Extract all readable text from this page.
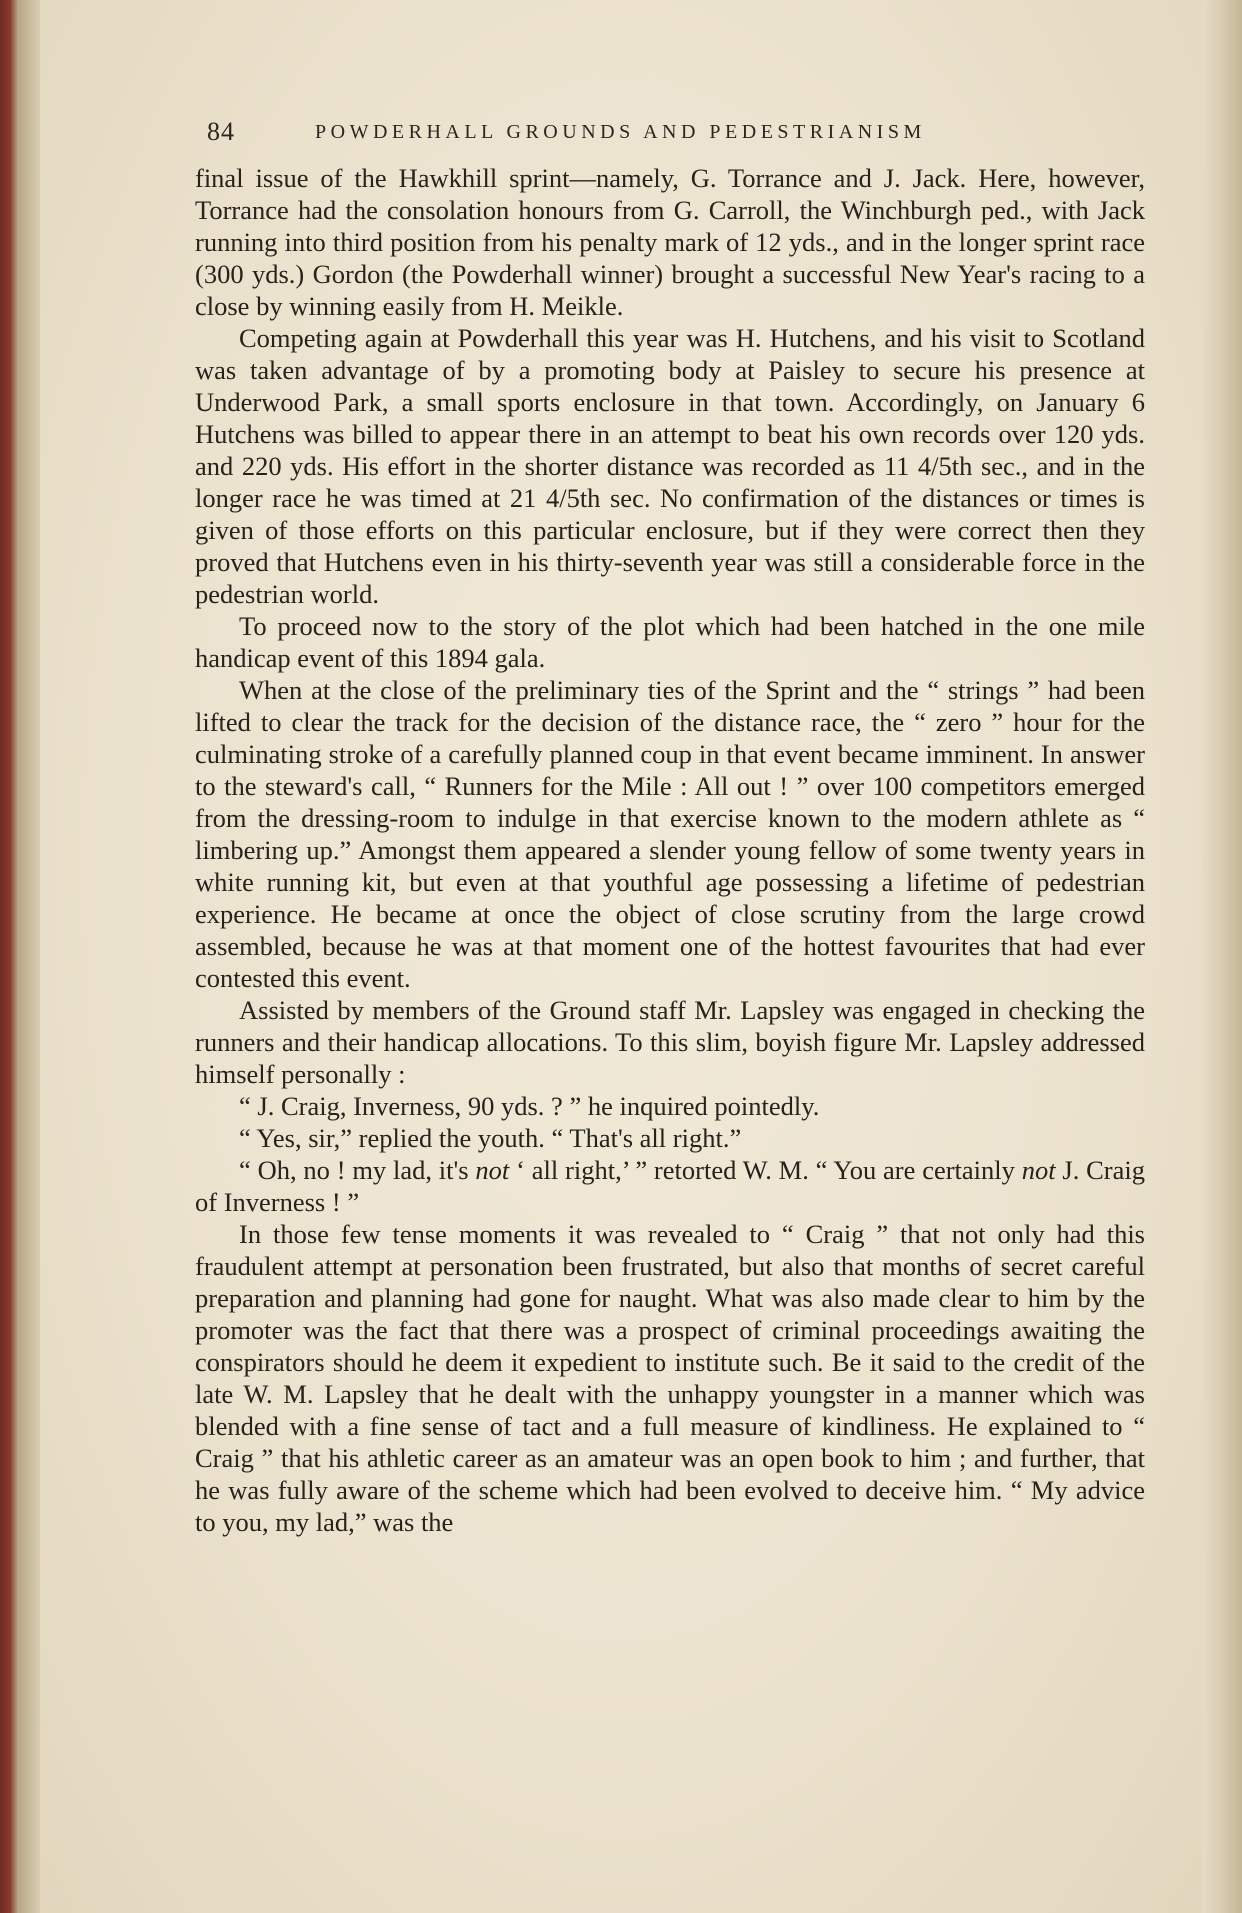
84	POWDERHALL GROUNDS AND PEDESTRIANISM

final issue of the Hawkhill sprint—namely, G. Torrance and J. Jack. Here, however, Torrance had the consolation honours from G. Carroll, the Winchburgh ped., with Jack running into third position from his penalty mark of 12 yds., and in the longer sprint race (300 yds.) Gordon (the Powderhall winner) brought a successful New Year's racing to a close by winning easily from H. Meikle.

Competing again at Powderhall this year was H. Hutchens, and his visit to Scotland was taken advantage of by a promoting body at Paisley to secure his presence at Underwood Park, a small sports enclosure in that town. Accordingly, on January 6 Hutchens was billed to appear there in an attempt to beat his own records over 120 yds. and 220 yds. His effort in the shorter distance was recorded as 11 4/5th sec., and in the longer race he was timed at 21 4/5th sec. No confirmation of the distances or times is given of those efforts on this particular enclosure, but if they were correct then they proved that Hutchens even in his thirty-seventh year was still a considerable force in the pedestrian world.

To proceed now to the story of the plot which had been hatched in the one mile handicap event of this 1894 gala.

When at the close of the preliminary ties of the Sprint and the “ strings ” had been lifted to clear the track for the decision of the distance race, the “ zero ” hour for the culminating stroke of a carefully planned coup in that event became imminent. In answer to the steward's call, “ Runners for the Mile : All out ! ” over 100 competitors emerged from the dressing-room to indulge in that exercise known to the modern athlete as “ limbering up.” Amongst them appeared a slender young fellow of some twenty years in white running kit, but even at that youthful age possessing a lifetime of pedestrian experience. He became at once the object of close scrutiny from the large crowd assembled, because he was at that moment one of the hottest favourites that had ever contested this event.

Assisted by members of the Ground staff Mr. Lapsley was engaged in checking the runners and their handicap allocations. To this slim, boyish figure Mr. Lapsley addressed himself personally :

“ J. Craig, Inverness, 90 yds. ? ” he inquired pointedly.

“ Yes, sir,” replied the youth. “ That's all right.”

“ Oh, no ! my lad, it's not ‘ all right,’ ” retorted W. M. “ You are certainly not J. Craig of Inverness ! ”

In those few tense moments it was revealed to “ Craig ” that not only had this fraudulent attempt at personation been frustrated, but also that months of secret careful preparation and planning had gone for naught. What was also made clear to him by the promoter was the fact that there was a prospect of criminal proceedings awaiting the conspirators should he deem it expedient to institute such. Be it said to the credit of the late W. M. Lapsley that he dealt with the unhappy youngster in a manner which was blended with a fine sense of tact and a full measure of kindliness. He explained to “ Craig ” that his athletic career as an amateur was an open book to him ; and further, that he was fully aware of the scheme which had been evolved to deceive him. “ My advice to you, my lad,” was the
